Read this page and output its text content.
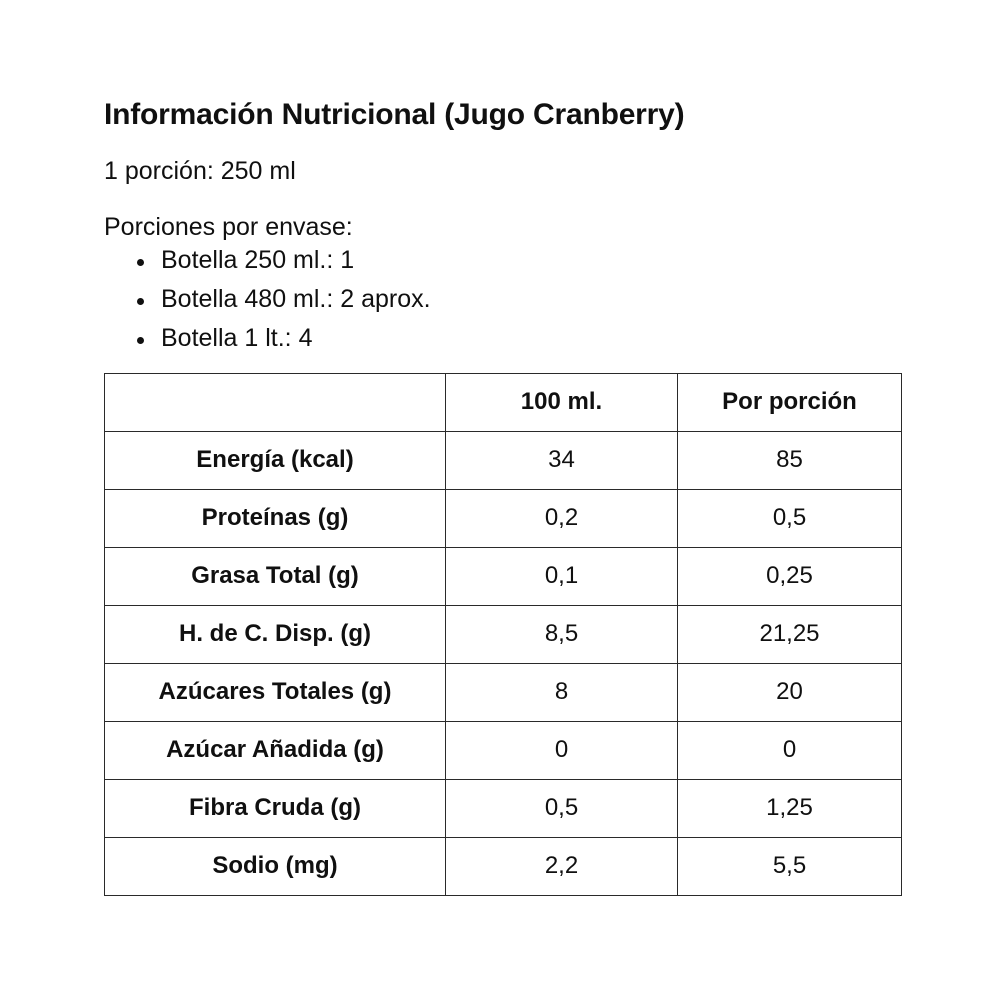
Información Nutricional (Jugo Cranberry)

1 porción: 250 ml

Porciones por envase:

Botella 250 ml.: 1
Botella 480 ml.: 2 aprox.
Botella 1 lt.: 4
	100 ml.	Por porción
Energía (kcal)	34	85
Proteínas (g)	0,2	0,5
Grasa Total (g)	0,1	0,25
H. de C. Disp. (g)	8,5	21,25
Azúcares Totales (g)	8	20
Azúcar Añadida (g)	0	0
Fibra Cruda (g)	0,5	1,25
Sodio (mg)	2,2	5,5
